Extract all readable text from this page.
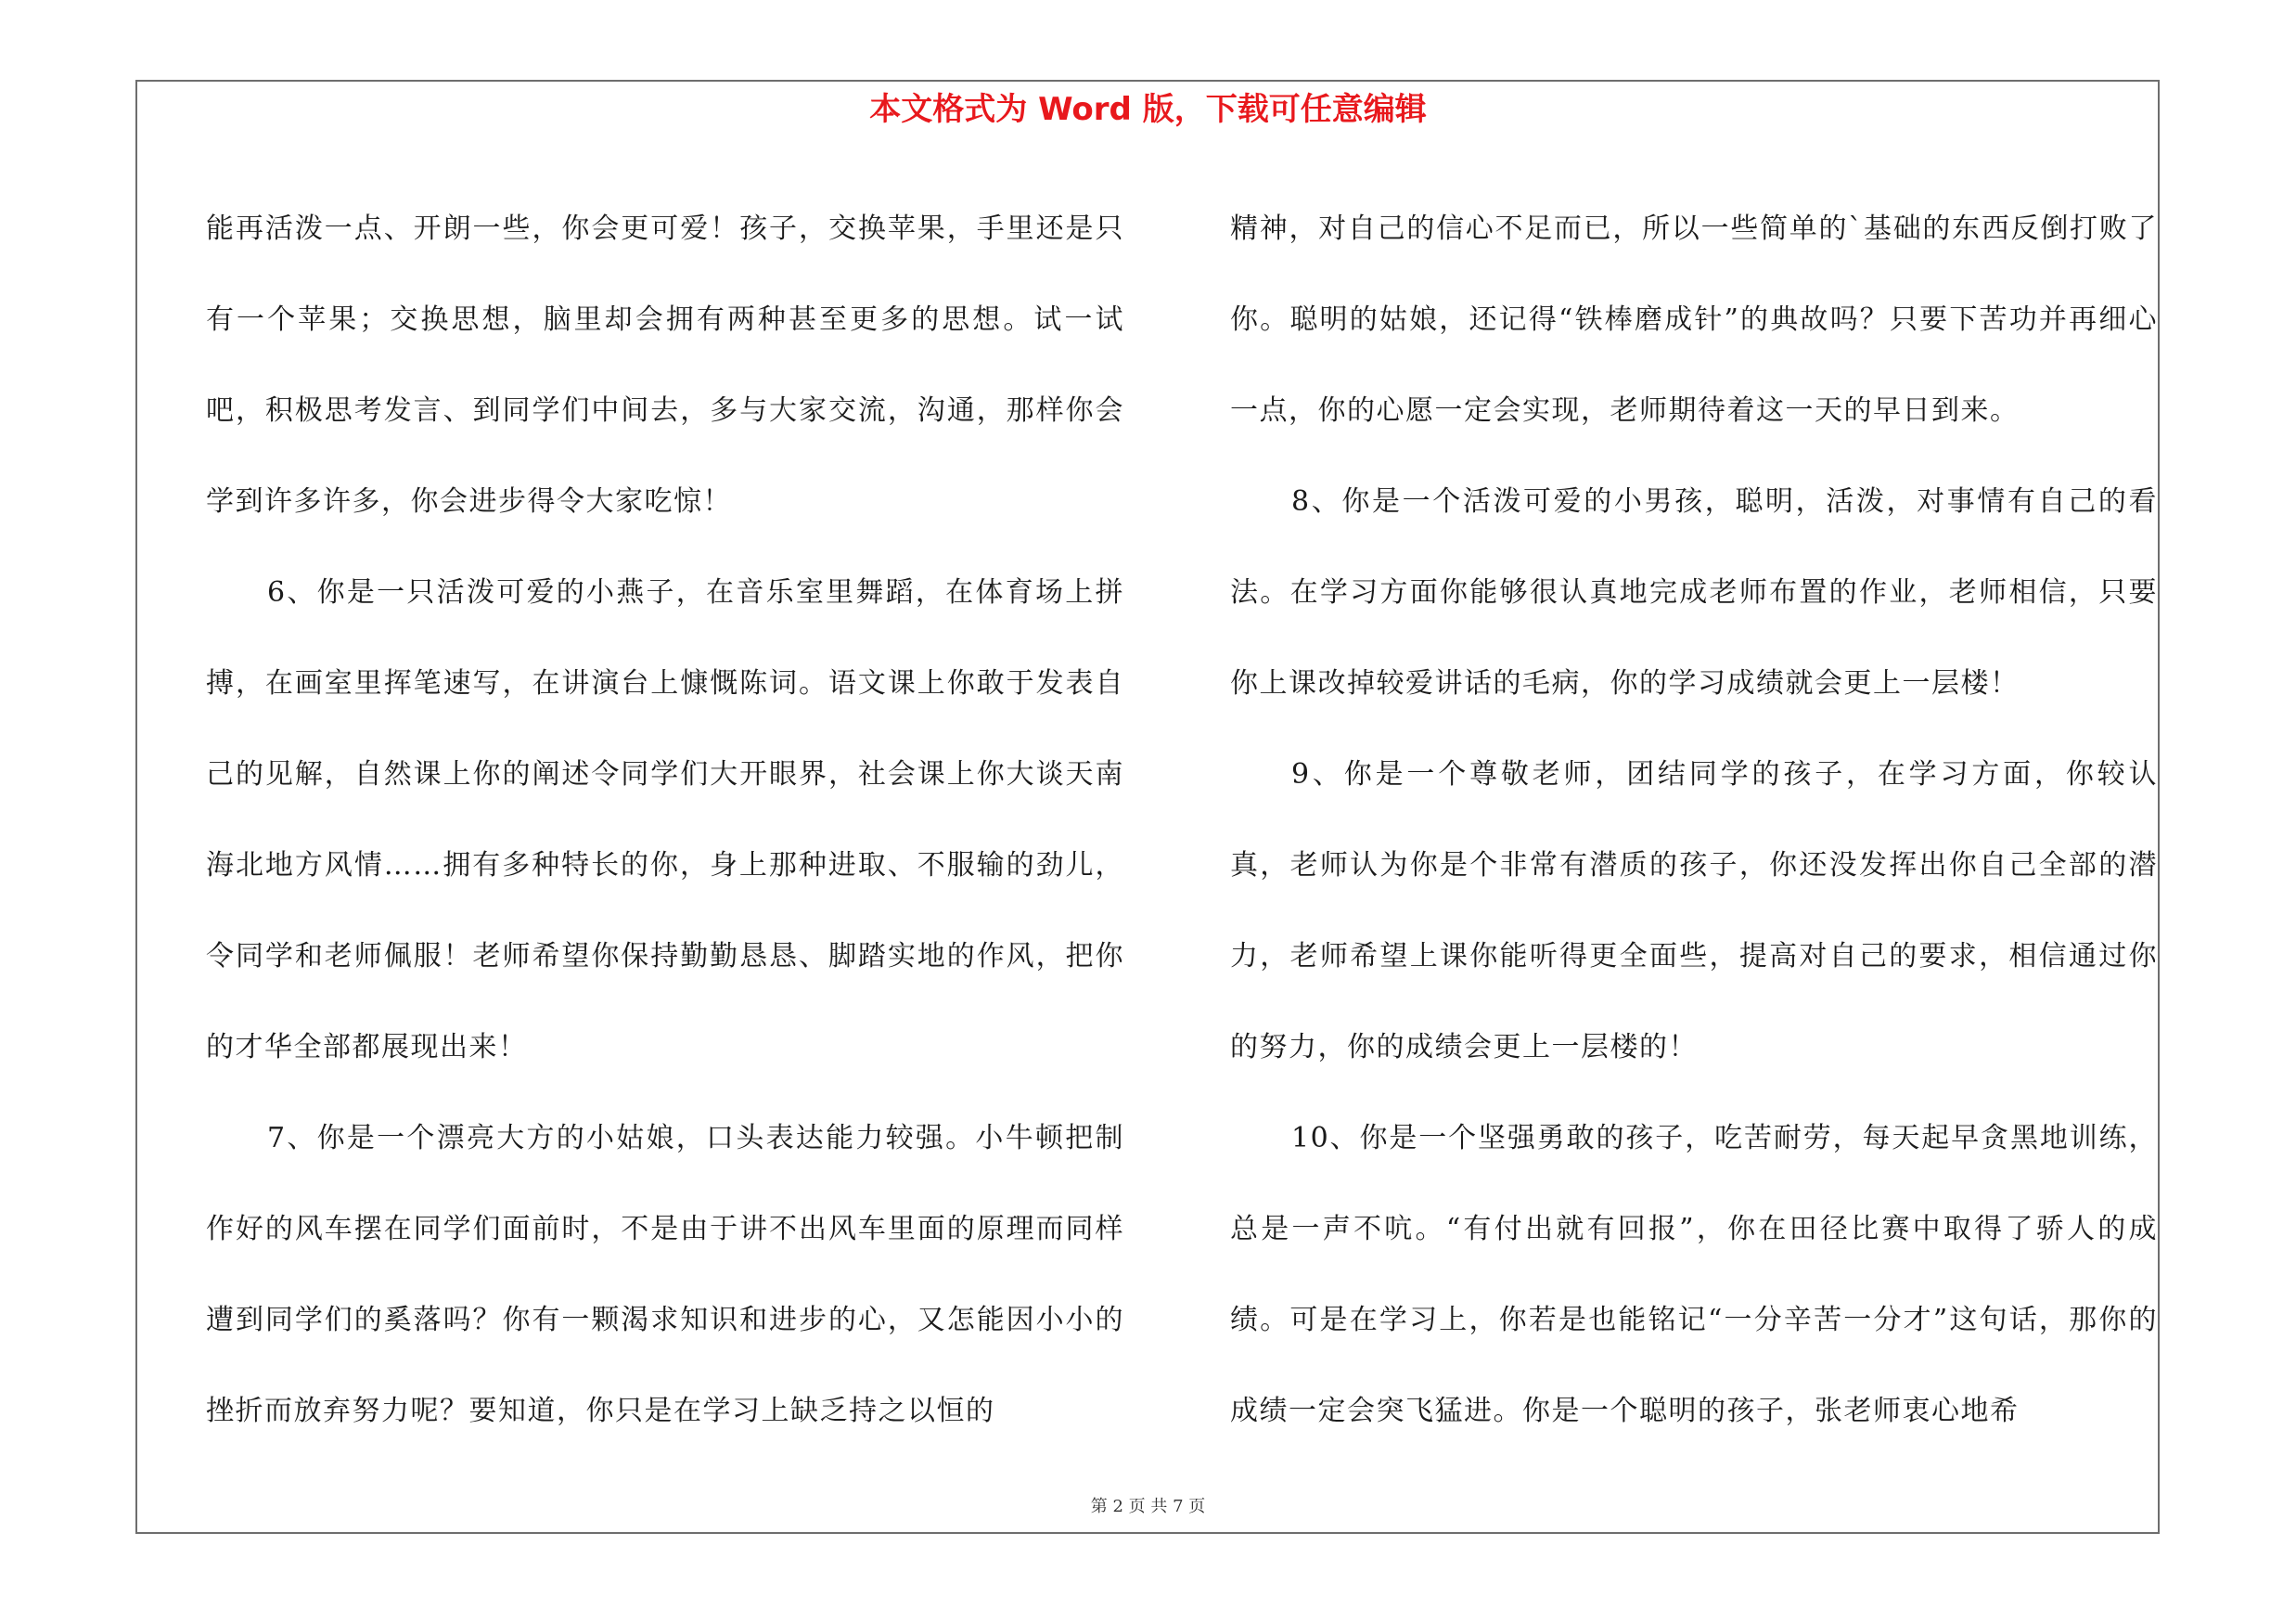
本文格式为 Word 版，下载可任意编辑

能再活泼一点、开朗一些，你会更可爱！孩子，交换苹果，手里还是只有一个苹果；交换思想，脑里却会拥有两种甚至更多的思想。试一试吧，积极思考发言、到同学们中间去，多与大家交流，沟通，那样你会学到许多许多，你会进步得令大家吃惊！

6、你是一只活泼可爱的小燕子，在音乐室里舞蹈，在体育场上拼搏，在画室里挥笔速写，在讲演台上慷慨陈词。语文课上你敢于发表自己的见解，自然课上你的阐述令同学们大开眼界，社会课上你大谈天南海北地方风情……拥有多种特长的你，身上那种进取、不服输的劲儿，令同学和老师佩服！老师希望你保持勤勤恳恳、脚踏实地的作风，把你的才华全部都展现出来！

7、你是一个漂亮大方的小姑娘，口头表达能力较强。小牛顿把制作好的风车摆在同学们面前时，不是由于讲不出风车里面的原理而同样遭到同学们的奚落吗？你有一颗渴求知识和进步的心，又怎能因小小的挫折而放弃努力呢？要知道，你只是在学习上缺乏持之以恒的

精神，对自己的信心不足而已，所以一些简单的`基础的东西反倒打败了你。聪明的姑娘，还记得“铁棒磨成针”的典故吗？只要下苦功并再细心一点，你的心愿一定会实现，老师期待着这一天的早日到来。

8、你是一个活泼可爱的小男孩，聪明，活泼，对事情有自己的看法。在学习方面你能够很认真地完成老师布置的作业，老师相信，只要你上课改掉较爱讲话的毛病，你的学习成绩就会更上一层楼！

9、你是一个尊敬老师，团结同学的孩子，在学习方面，你较认真，老师认为你是个非常有潜质的孩子，你还没发挥出你自己全部的潜力，老师希望上课你能听得更全面些，提高对自己的要求，相信通过你的努力，你的成绩会更上一层楼的！

10、你是一个坚强勇敢的孩子，吃苦耐劳，每天起早贪黑地训练，总是一声不吭。“有付出就有回报”，你在田径比赛中取得了骄人的成绩。可是在学习上，你若是也能铭记“一分辛苦一分才”这句话，那你的成绩一定会突飞猛进。你是一个聪明的孩子，张老师衷心地希

第 2 页 共 7 页
